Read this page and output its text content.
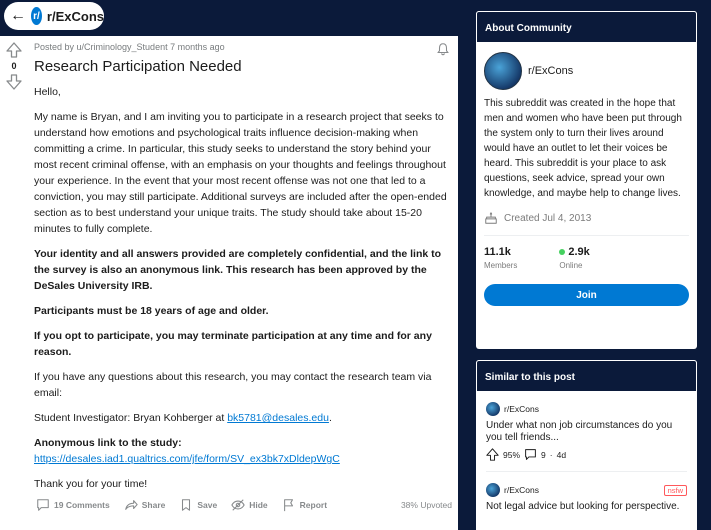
← r/ r/ExCons
0
Posted by u/Criminology_Student 7 months ago
Research Participation Needed

Hello,

My name is Bryan, and I am inviting you to participate in a research project that seeks to understand how emotions and psychological traits influence decision-making when committing a crime. In particular, this study seeks to understand the story behind your most recent criminal offense, with an emphasis on your thoughts and feelings throughout your experience. In the event that your most recent offense was not one that led to a conviction, you may still participate. Additional surveys are included after the open-ended section as to best understand your unique traits. The study should take about 15-20 minutes to fully complete.

Your identity and all answers provided are completely confidential, and the link to the survey is also an anonymous link. This research has been approved by the DeSales University IRB.

Participants must be 18 years of age and older.

If you opt to participate, you may terminate participation at any time and for any reason.

If you have any questions about this research, you may contact the research team via email:

Student Investigator: Bryan Kohberger at bk5781@desales.edu.

Anonymous link to the study:
https://desales.iad1.qualtrics.com/jfe/form/SV_ex3bk7xDldepWgC

Thank you for your time!

19 Comments	Share	Save	Hide	Report	38% Upvoted
About Community
r/ExCons
This subreddit was created in the hope that men and women who have been put through the system only to turn their lives around would have an outlet to let their voices be heard. This subreddit is your place to ask questions, seek advice, spread your own knowledge, and maybe help to change lives.
Created Jul 4, 2013
11.1k
Members
2.9k
Online
Join
Similar to this post
r/ExCons
Under what non job circumstances do you you tell friends...
95% 9 · 4d
r/ExCons	nsfw
Not legal advice but looking for perspective.
